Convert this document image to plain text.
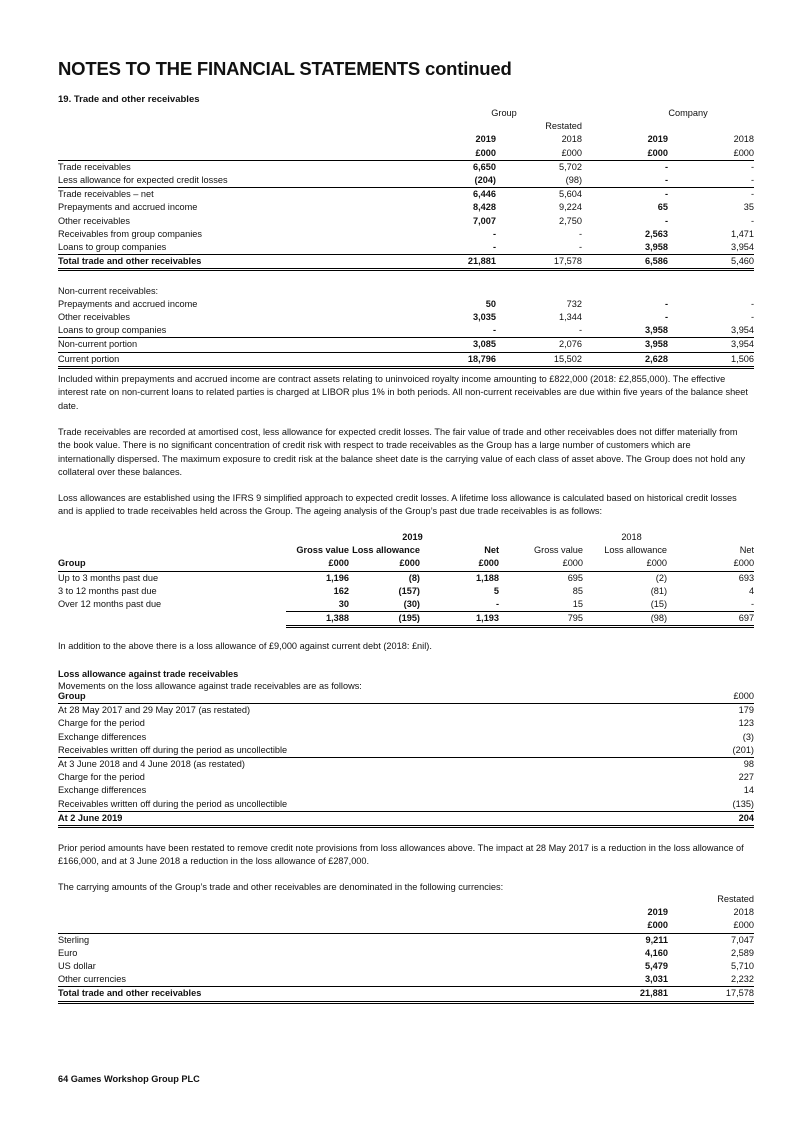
NOTES TO THE FINANCIAL STATEMENTS continued
19. Trade and other receivables
	Group		Company	
		Restated		
	2019	2018	2019	2018
	£000	£000	£000	£000
Trade receivables	6,650	5,702	-	-
Less allowance for expected credit losses	(204)	(98)	-	-
Trade receivables – net	6,446	5,604	-	-
Prepayments and accrued income	8,428	9,224	65	35
Other receivables	7,007	2,750	-	-
Receivables from group companies	-	-	2,563	1,471
Loans to group companies	-	-	3,958	3,954
Total trade and other receivables	21,881	17,578	6,586	5,460

Non-current receivables:				
Prepayments and accrued income	50	732	-	-
Other receivables	3,035	1,344	-	-
Loans to group companies	-	-	3,958	3,954
Non-current portion	3,085	2,076	3,958	3,954
Current portion	18,796	15,502	2,628	1,506
Included within prepayments and accrued income are contract assets relating to uninvoiced royalty income amounting to £822,000 (2018: £2,855,000). The effective interest rate on non-current loans to related parties is charged at LIBOR plus 1% in both periods. All non-current receivables are due within five years of the balance sheet date.
Trade receivables are recorded at amortised cost, less allowance for expected credit losses. The fair value of trade and other receivables does not differ materially from the book value. There is no significant concentration of credit risk with respect to trade receivables as the Group has a large number of customers which are internationally dispersed. The maximum exposure to credit risk at the balance sheet date is the carrying value of each class of asset above. The Group does not hold any collateral over these balances.
Loss allowances are established using the IFRS 9 simplified approach to expected credit losses. A lifetime loss allowance is calculated based on historical credit losses and is applied to trade receivables held across the Group. The ageing analysis of the Group’s past due trade receivables is as follows:
	2019			2018		
	Gross value	Loss allowance	Net	Gross value	Loss allowance	Net
Group	£000	£000	£000	£000	£000	£000
Up to 3 months past due	1,196	(8)	1,188	695	(2)	693
3 to 12 months past due	162	(157)	5	85	(81)	4
Over 12 months past due	30	(30)	-	15	(15)	-
	1,388	(195)	1,193	795	(98)	697
In addition to the above there is a loss allowance of £9,000 against current debt (2018: £nil).
Loss allowance against trade receivables
Movements on the loss allowance against trade receivables are as follows:
Group	£000
At 28 May 2017 and 29 May 2017 (as restated)	179
Charge for the period	123
Exchange differences	(3)
Receivables written off during the period as uncollectible	(201)
At 3 June 2018 and 4 June 2018 (as restated)	98
Charge for the period	227
Exchange differences	14
Receivables written off during the period as uncollectible	(135)
At 2 June 2019	204
Prior period amounts have been restated to remove credit note provisions from loss allowances above. The impact at 28 May 2017 is a reduction in the loss allowance of £166,000, and at 3 June 2018 a reduction in the loss allowance of £287,000.
The carrying amounts of the Group’s trade and other receivables are denominated in the following currencies:
		Restated
	2019	2018
	£000	£000
Sterling	9,211	7,047
Euro	4,160	2,589
US dollar	5,479	5,710
Other currencies	3,031	2,232
Total trade and other receivables	21,881	17,578
64 Games Workshop Group PLC
